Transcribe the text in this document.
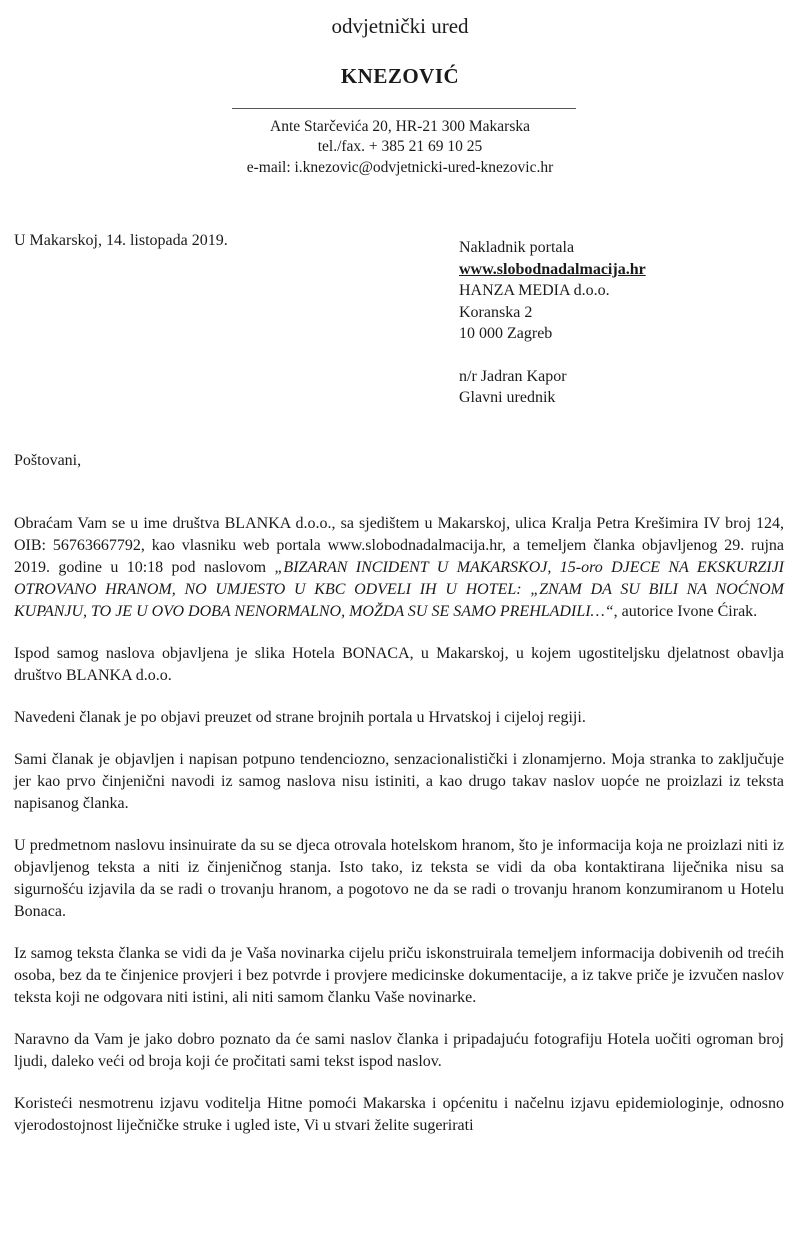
odvjetnički ured
KNEZOVIĆ
Ante Starčevića 20, HR-21 300 Makarska
tel./fax. + 385 21 69 10 25
e-mail: i.knezovic@odvjetnicki-ured-knezovic.hr
U Makarskoj, 14. listopada 2019.	Nakladnik portala
www.slobodnadalmacija.hr
HANZA MEDIA d.o.o.
Koranska 2
10 000 Zagreb
n/r Jadran Kapor
Glavni urednik
Poštovani,

Obraćam Vam se u ime društva BLANKA d.o.o., sa sjedištem u Makarskoj, ulica Kralja Petra Krešimira IV broj 124, OIB: 56763667792, kao vlasniku web portala www.slobodnadalmacija.hr, a temeljem članka objavljenog 29. rujna 2019. godine u 10:18 pod naslovom „BIZARAN INCIDENT U MAKARSKOJ, 15-oro DJECE NA EKSKURZIJI OTROVANO HRANOM, NO UMJESTO U KBC ODVELI IH U HOTEL: „ZNAM DA SU BILI NA NOĆNOM KUPANJU, TO JE U OVO DOBA NENORMALNO, MOŽDA SU SE SAMO PREHLADILI…“, autorice Ivone Ćirak.

Ispod samog naslova objavljena je slika Hotela BONACA, u Makarskoj, u kojem ugostiteljsku djelatnost obavlja društvo BLANKA d.o.o.

Navedeni članak je po objavi preuzet od strane brojnih portala u Hrvatskoj i cijeloj regiji.

Sami članak je objavljen i napisan potpuno tendenciozno, senzacionalistički i zlonamjerno. Moja stranka to zaključuje jer kao prvo činjenični navodi iz samog naslova nisu istiniti, a kao drugo takav naslov uopće ne proizlazi iz teksta napisanog članka.

U predmetnom naslovu insinuirate da su se djeca otrovala hotelskom hranom, što je informacija koja ne proizlazi niti iz objavljenog teksta a niti iz činjeničnog stanja. Isto tako, iz teksta se vidi da oba kontaktirana liječnika nisu sa sigurnošću izjavila da se radi o trovanju hranom, a pogotovo ne da se radi o trovanju hranom konzumiranom u Hotelu Bonaca.

Iz samog teksta članka se vidi da je Vaša novinarka cijelu priču iskonstruirala temeljem informacija dobivenih od trećih osoba, bez da te činjenice provjeri i bez potvrde i provjere medicinske dokumentacije, a iz takve priče je izvučen naslov teksta koji ne odgovara niti istini, ali niti samom članku Vaše novinarke.

Naravno da Vam je jako dobro poznato da će sami naslov članka i pripadajuću fotografiju Hotela uočiti ogroman broj ljudi, daleko veći od broja koji će pročitati sami tekst ispod naslov.

Koristeći nesmotrenu izjavu voditelja Hitne pomoći Makarska i općenitu i načelnu izjavu epidemiologinje, odnosno vjerodostojnost liječničke struke i ugled iste, Vi u stvari želite sugerirati
